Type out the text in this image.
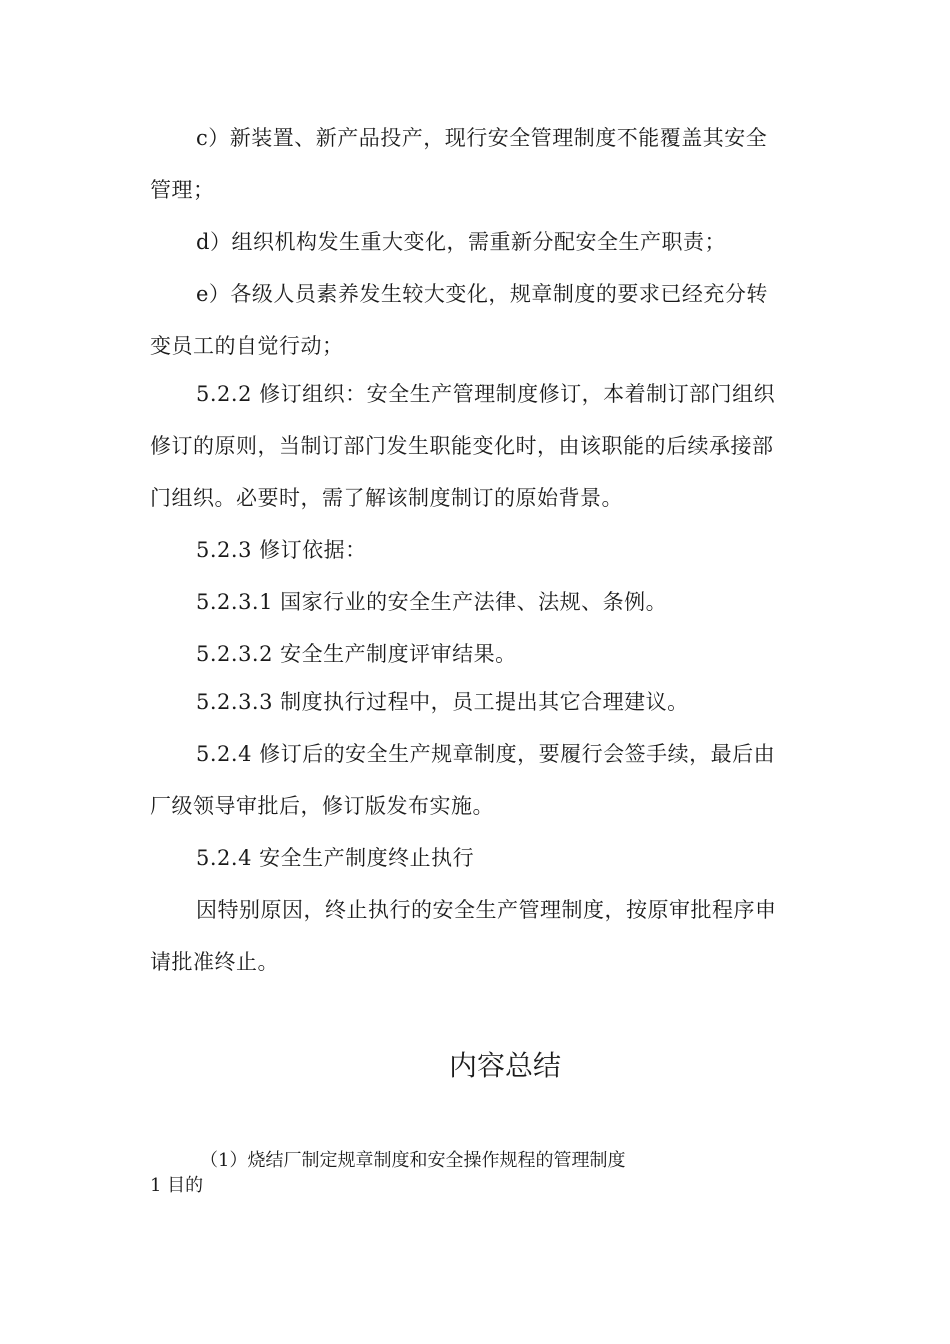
c）新装置、新产品投产，现行安全管理制度不能覆盖其安全
管理；
d）组织机构发生重大变化，需重新分配安全生产职责；
e）各级人员素养发生较大变化，规章制度的要求已经充分转
变员工的自觉行动；
5.2.2 修订组织：安全生产管理制度修订，本着制订部门组织
修订的原则，当制订部门发生职能变化时，由该职能的后续承接部
门组织。必要时，需了解该制度制订的原始背景。
5.2.3 修订依据：
5.2.3.1 国家行业的安全生产法律、法规、条例。
5.2.3.2 安全生产制度评审结果。
5.2.3.3 制度执行过程中，员工提出其它合理建议。
5.2.4 修订后的安全生产规章制度，要履行会签手续，最后由
厂级领导审批后，修订版发布实施。
5.2.4 安全生产制度终止执行
因特别原因，终止执行的安全生产管理制度，按原审批程序申
请批准终止。
内容总结
（1）烧结厂制定规章制度和安全操作规程的管理制度
1 目的
